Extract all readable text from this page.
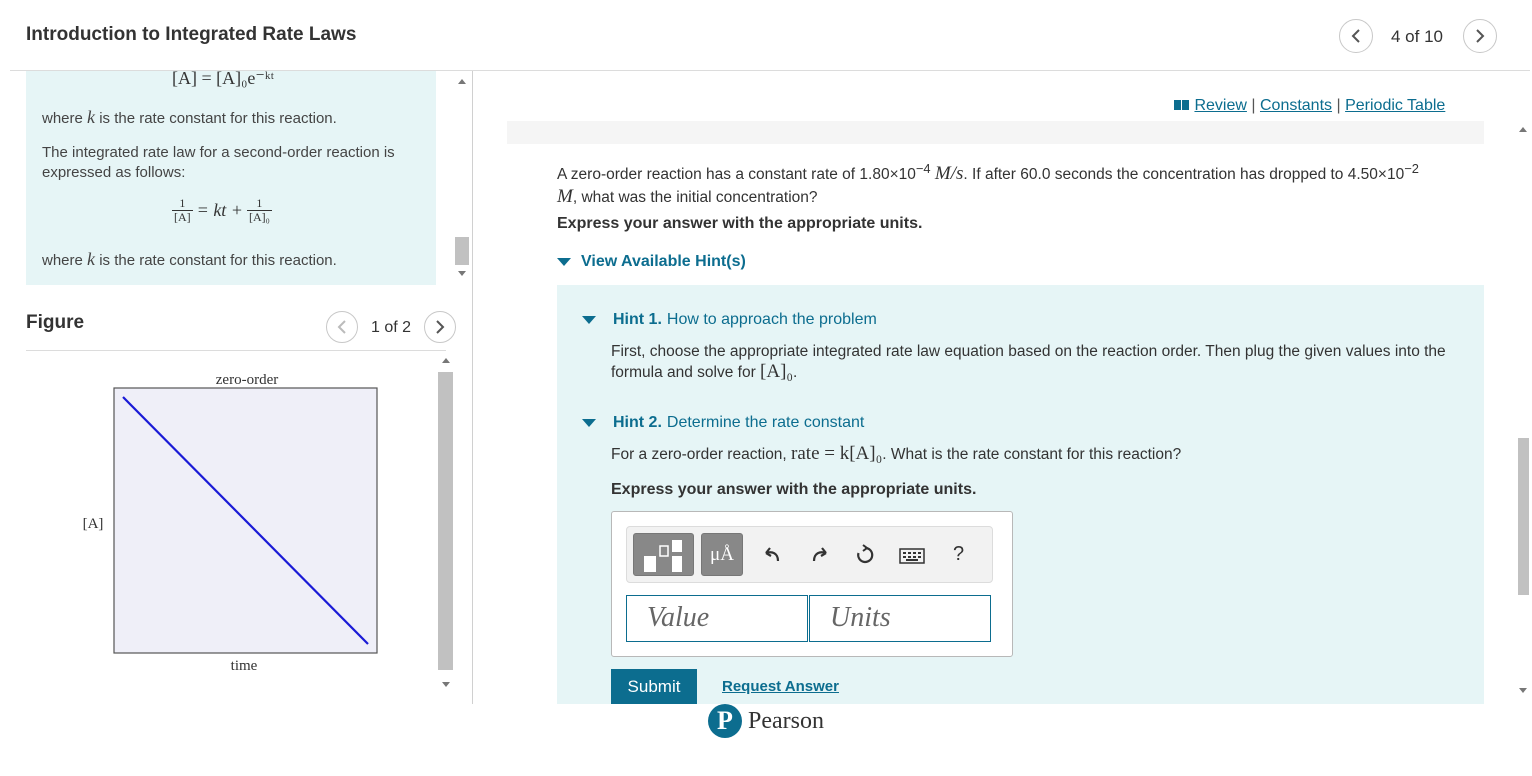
Introduction to Integrated Rate Laws	4 of 10
[A] = [A]₀e⁻ᵏᵗ
where k is the rate constant for this reaction.
The integrated rate law for a second-order reaction is expressed as follows:
$\frac{1}{[A]}$ = kt + $\frac{1}{\text{[A]₀}}$
where k is the rate constant for this reaction.
Figure	1 of 2
zero-order
[A]
time
Review | Constants | Periodic Table
A zero-order reaction has a constant rate of $1.80\times 10^{-4}$ M/s. If after 60.0 seconds the concentration has dropped to $4.50\times 10^{-2}$
M, what was the initial concentration?
Express your answer with the appropriate units.
View Available Hint(s)
Hint 1. How to approach the problem
First, choose the appropriate integrated rate law equation based on the reaction order. Then plug the given values into the formula and solve for [A]₀.
Hint 2. Determine the rate constant
For a zero-order reaction, rate = k[A]₀. What is the rate constant for this reaction?
Express your answer with the appropriate units.
μÅ	?
Value	Units
Submit	Request Answer
P Pearson
